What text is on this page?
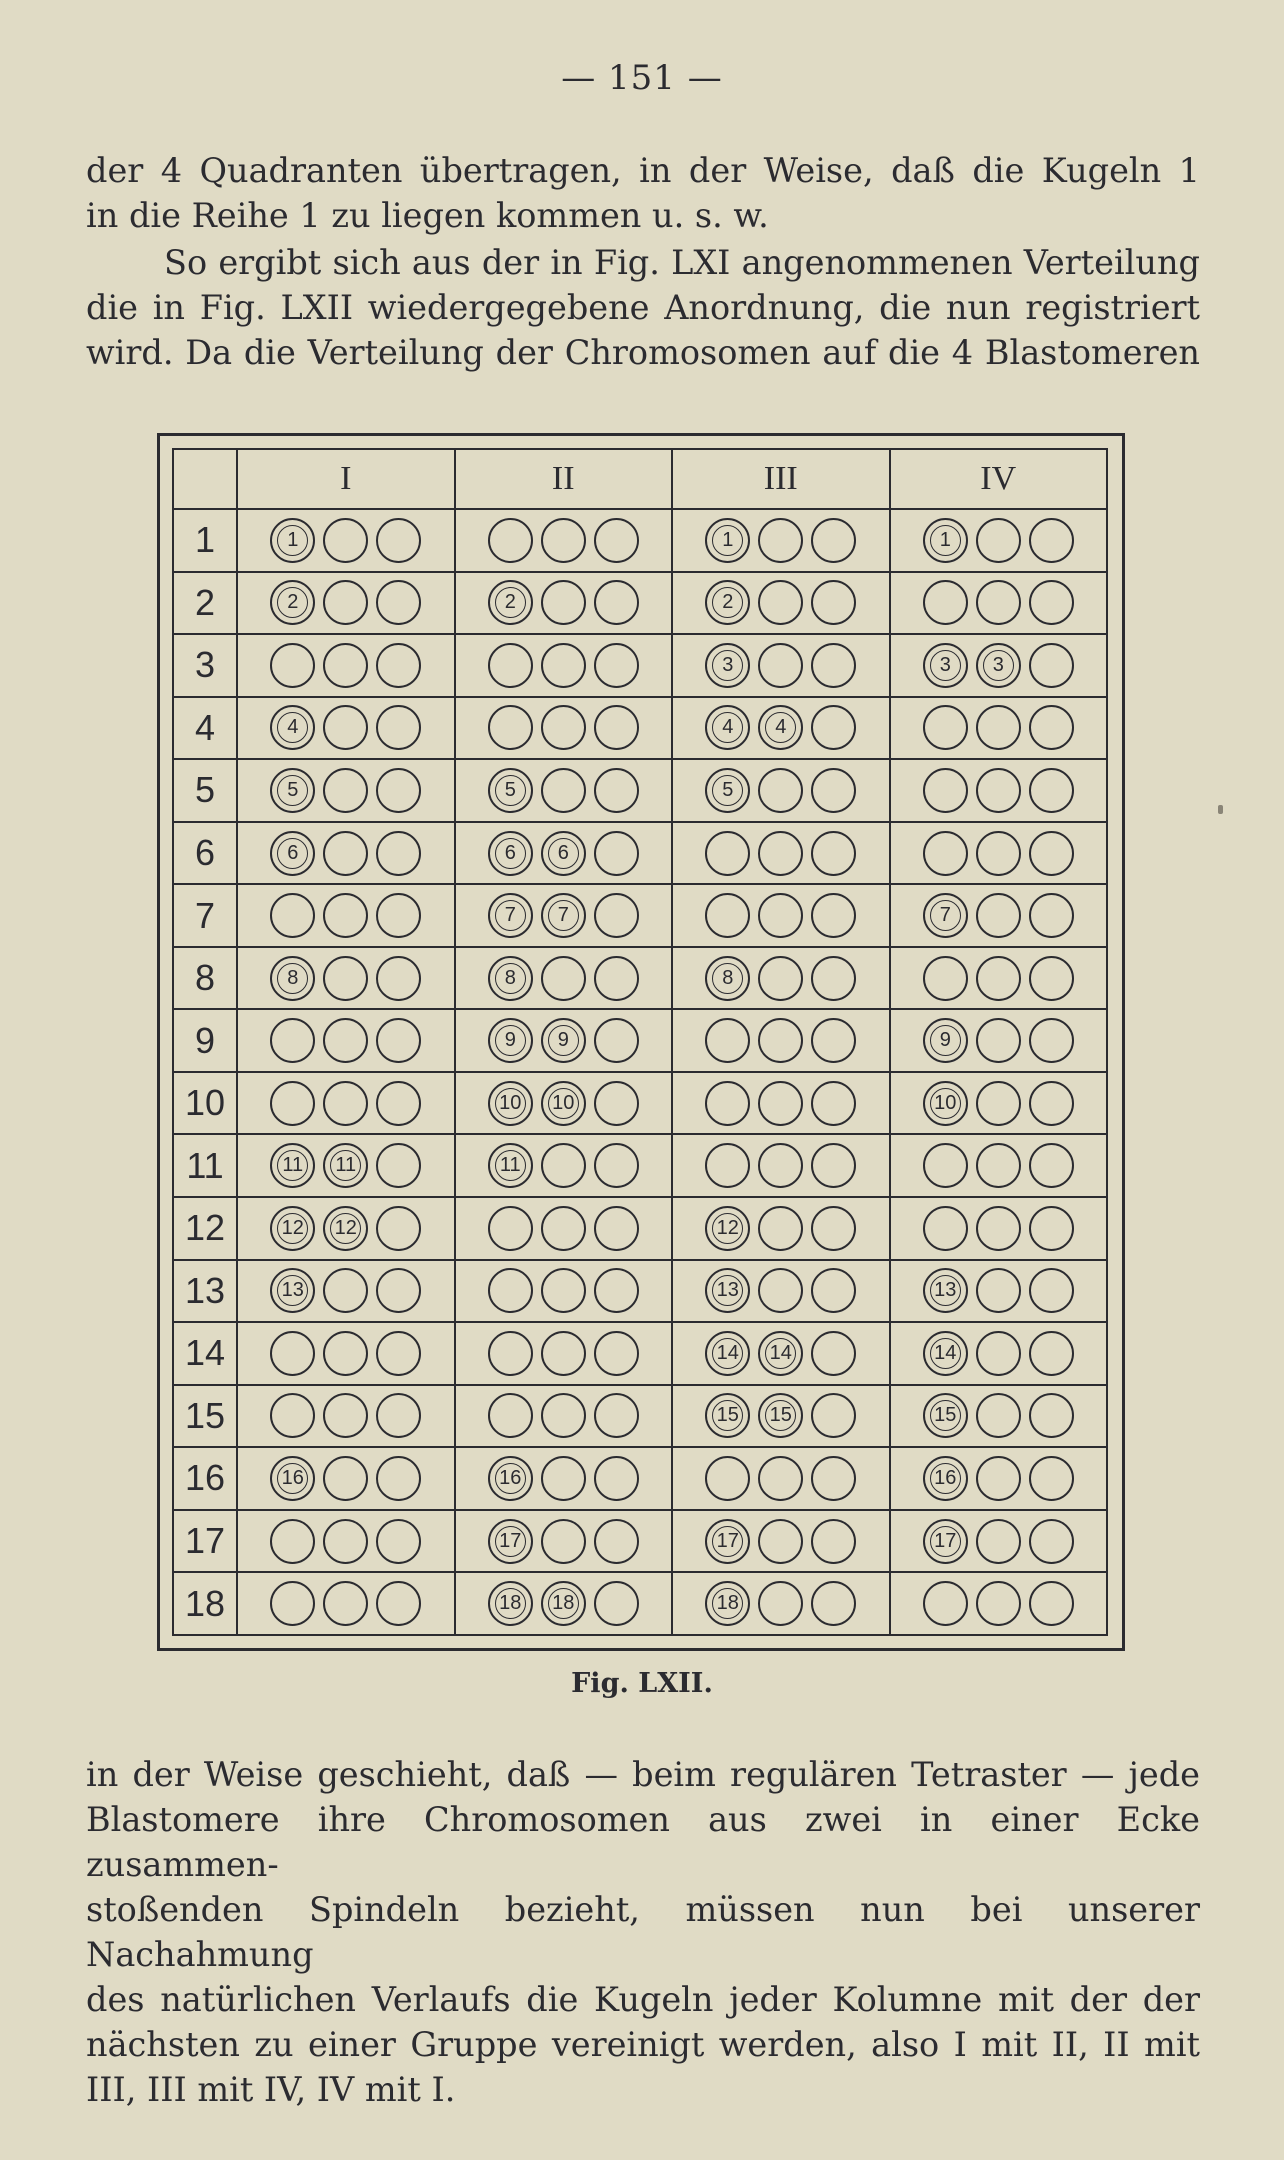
— 151 —
der 4 Quadranten übertragen, in der Weise, daß die Kugeln 1
in die Reihe 1 zu liegen kommen u. s. w.
So ergibt sich aus der in Fig. LXI angenommenen Verteilung
die in Fig. LXII wiedergegebene Anordnung, die nun registriert
wird. Da die Verteilung der Chromosomen auf die 4 Blastomeren
	I	II	III	IV
1	1		1	1
2	2	2	2	
3			3	3 3
4	4		4 4	
5	5	5	5	
6	6	6 6		
7		7 7		7
8	8	8	8	
9		9 9		9
10		10 10		10
11	11 11	11		
12	12 12		12	
13	13		13	13
14			14 14	14
15			15 15	15
16	16	16		16
17		17	17	17
18		18 18	18	
Fig. LXII.
in der Weise geschieht, daß — beim regulären Tetraster — jede
Blastomere ihre Chromosomen aus zwei in einer Ecke zusammen-
stoßenden Spindeln bezieht, müssen nun bei unserer Nachahmung
des natürlichen Verlaufs die Kugeln jeder Kolumne mit der der
nächsten zu einer Gruppe vereinigt werden, also I mit II, II mit
III, III mit IV, IV mit I.
